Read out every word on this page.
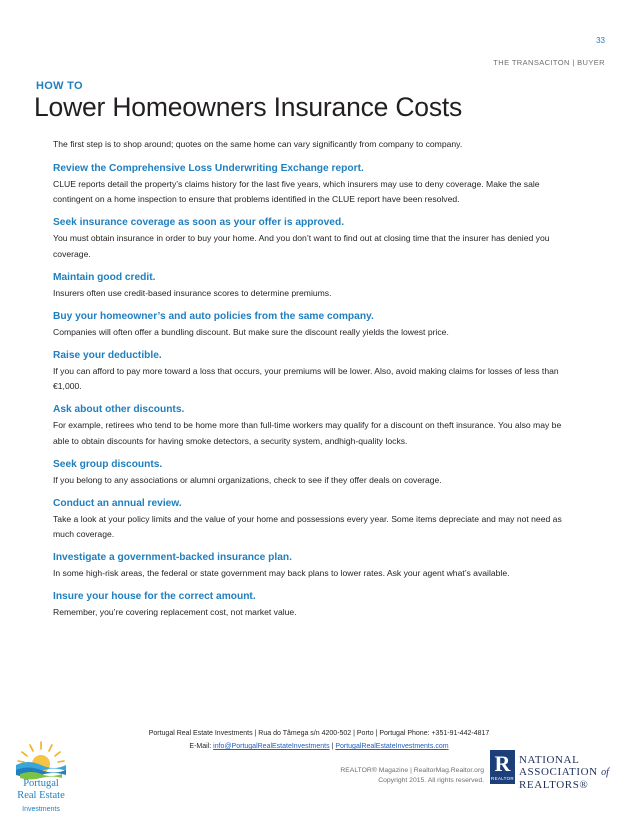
33
THE TRANSACITON | BUYER
HOW TO
Lower Homeowners Insurance Costs

The first step is to shop around; quotes on the same home can vary significantly from company to company.

Review the Comprehensive Loss Underwriting Exchange report.

CLUE reports detail the property’s claims history for the last five years, which insurers may use to deny coverage. Make the sale contingent on a home inspection to ensure that problems identified in the CLUE report have been resolved.

Seek insurance coverage as soon as your offer is approved.

You must obtain insurance in order to buy your home. And you don’t want to find out at closing time that the insurer has denied you coverage.

Maintain good credit.

Insurers often use credit-based insurance scores to determine premiums.

Buy your homeowner’s and auto policies from the same company.

Companies will often offer a bundling discount. But make sure the discount really yields the lowest price.

Raise your deductible.

If you can afford to pay more toward a loss that occurs, your premiums will be lower. Also, avoid making claims for losses of less than €1,000.

Ask about other discounts.

For example, retirees who tend to be home more than full-time workers may qualify for a discount on theft insurance. You also may be able to obtain discounts for having smoke detectors, a security system, andhigh-quality locks.

Seek group discounts.

If you belong to any associations or alumni organizations, check to see if they offer deals on coverage.

Conduct an annual review.

Take a look at your policy limits and the value of your home and possessions every year. Some items depreciate and may not need as much coverage.

Investigate a government-backed insurance plan.

In some high-risk areas, the federal or state government may back plans to lower rates. Ask your agent what’s available.

Insure your house for the correct amount.

Remember, you’re covering replacement cost, not market value.

Portugal Real Estate Investments | Rua do Tâmega s/n 4200-502 | Porto | Portugal Phone: +351-91-442-4817
E-Mail: info@PortugalRealEstateInvestments | PortugalRealEstateInvestments.com
Portugal
Real Estate
Investments
REALTOR® Magazine | RealtorMag.Realtor.org
Copyright 2015. All rights reserved.
R
REALTOR
NATIONAL
ASSOCIATION of
REALTORS®
